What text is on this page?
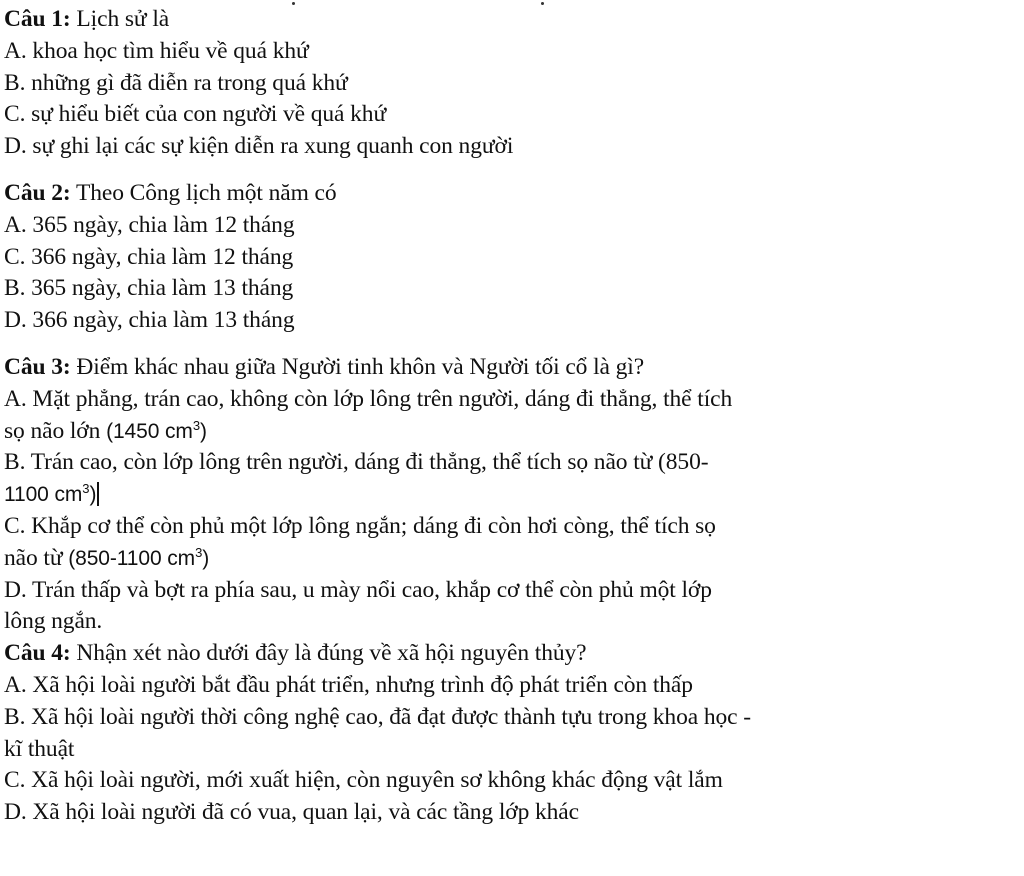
Câu 1: Lịch sử là
A. khoa học tìm hiểu về quá khứ
B. những gì đã diễn ra trong quá khứ
C. sự hiểu biết của con người về quá khứ
D. sự ghi lại các sự kiện diễn ra xung quanh con người
Câu 2: Theo Công lịch một năm có
A. 365 ngày, chia làm 12 tháng
C. 366 ngày, chia làm 12 tháng
B. 365 ngày, chia làm 13 tháng
D. 366 ngày, chia làm 13 tháng
Câu 3: Điểm khác nhau giữa Người tinh khôn và Người tối cổ là gì?
A. Mặt phẳng, trán cao, không còn lớp lông trên người, dáng đi thẳng, thể tích
sọ não lớn (1450 $cm^3$)
B. Trán cao, còn lớp lông trên người, dáng đi thẳng, thể tích sọ não từ (850-
1100 $cm^3$)
C. Khắp cơ thể còn phủ một lớp lông ngắn; dáng đi còn hơi còng, thể tích sọ
não từ (850-1100 $cm^3$)
D. Trán thấp và bợt ra phía sau, u mày nổi cao, khắp cơ thể còn phủ một lớp
lông ngắn.
Câu 4: Nhận xét nào dưới đây là đúng về xã hội nguyên thủy?
A. Xã hội loài người bắt đầu phát triển, nhưng trình độ phát triển còn thấp
B. Xã hội loài người thời công nghệ cao, đã đạt được thành tựu trong khoa học -
kĩ thuật
C. Xã hội loài người, mới xuất hiện, còn nguyên sơ không khác động vật lắm
D. Xã hội loài người đã có vua, quan lại, và các tầng lớp khác
